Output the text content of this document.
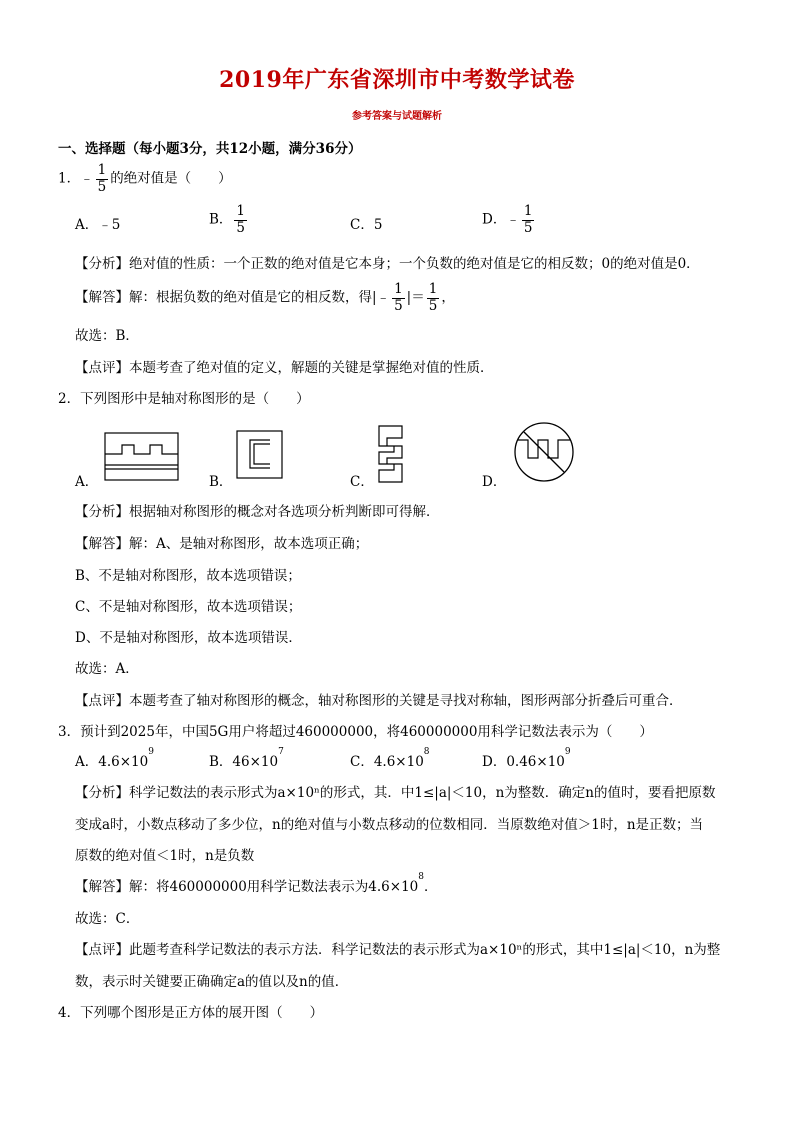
2019年广东省深圳市中考数学试卷
参考答案与试题解析
一、选择题（每小题3分，共12小题，满分36分）
1．﹣ $\frac{1}{5}$ 的绝对值是（　　）
A．﹣5	B． $\frac{1}{5}$	C．5	D．﹣ $\frac{1}{5}$
【分析】绝对值的性质：一个正数的绝对值是它本身；一个负数的绝对值是它的相反数；0的绝对值是0．
【解答】解：根据负数的绝对值是它的相反数，得|﹣ $\frac{1}{5}$ |＝ $\frac{1}{5}$ ，
故选：B．
【点评】本题考查了绝对值的定义，解题的关键是掌握绝对值的性质．
2．下列图形中是轴对称图形的是（　　）
A．	B．	C．	D．
【分析】根据轴对称图形的概念对各选项分析判断即可得解．
【解答】解：A、是轴对称图形，故本选项正确；
B、不是轴对称图形，故本选项错误；
C、不是轴对称图形，故本选项错误；
D、不是轴对称图形，故本选项错误．
故选：A．
【点评】本题考查了轴对称图形的概念，轴对称图形的关键是寻找对称轴，图形两部分折叠后可重合．
3．预计到2025年，中国5G用户将超过460000000，将460000000用科学记数法表示为（　　）
A．$4.6\times 10^9$
B．$46\times 10^7$
C．$4.6\times 10^8$
D．$0.46\times 10^9$
【分析】科学记数法的表示形式为a×10ⁿ的形式，其．中1≤|a|＜10，n为整数．确定n的值时，要看把原数
变成a时，小数点移动了多少位，n的绝对值与小数点移动的位数相同．当原数绝对值＞1时，n是正数；当
原数的绝对值＜1时，n是负数
【解答】解：将460000000用科学记数法表示为$4.6\times 10^8$．
故选：C．
【点评】此题考查科学记数法的表示方法．科学记数法的表示形式为a×10ⁿ的形式，其中1≤|a|＜10，n为整
数，表示时关键要正确确定a的值以及n的值．
4．下列哪个图形是正方体的展开图（　　）
